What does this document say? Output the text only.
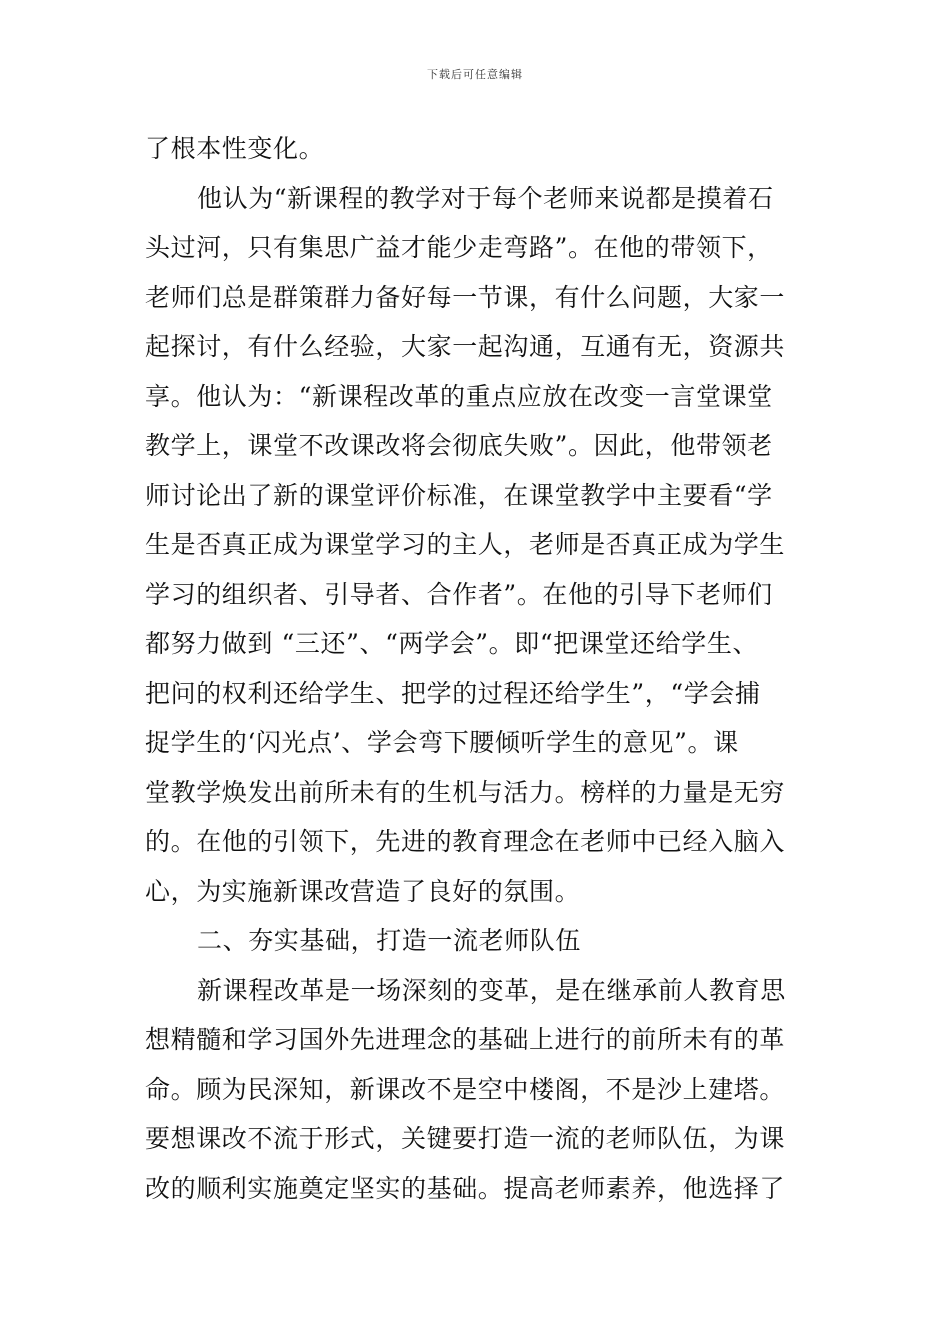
下载后可任意编辑
了根本性变化。
他认为“新课程的教学对于每个老师来说都是摸着石
头过河，只有集思广益才能少走弯路”。在他的带领下，
老师们总是群策群力备好每一节课，有什么问题，大家一
起探讨，有什么经验，大家一起沟通，互通有无，资源共
享。他认为：“新课程改革的重点应放在改变一言堂课堂
教学上，课堂不改课改将会彻底失败”。因此，他带领老
师讨论出了新的课堂评价标准，在课堂教学中主要看“学
生是否真正成为课堂学习的主人，老师是否真正成为学生
学习的组织者、引导者、合作者”。在他的引导下老师们
都努力做到 “三还”、“两学会”。即“把课堂还给学生、
把问的权利还给学生、把学的过程还给学生”，“学会捕
捉学生的‘闪光点’、学会弯下腰倾听学生的意见”。课
堂教学焕发出前所未有的生机与活力。榜样的力量是无穷
的。在他的引领下，先进的教育理念在老师中已经入脑入
心，为实施新课改营造了良好的氛围。
二、夯实基础，打造一流老师队伍
新课程改革是一场深刻的变革，是在继承前人教育思
想精髓和学习国外先进理念的基础上进行的前所未有的革
命。顾为民深知，新课改不是空中楼阁，不是沙上建塔。
要想课改不流于形式，关键要打造一流的老师队伍，为课
改的顺利实施奠定坚实的基础。提高老师素养，他选择了
